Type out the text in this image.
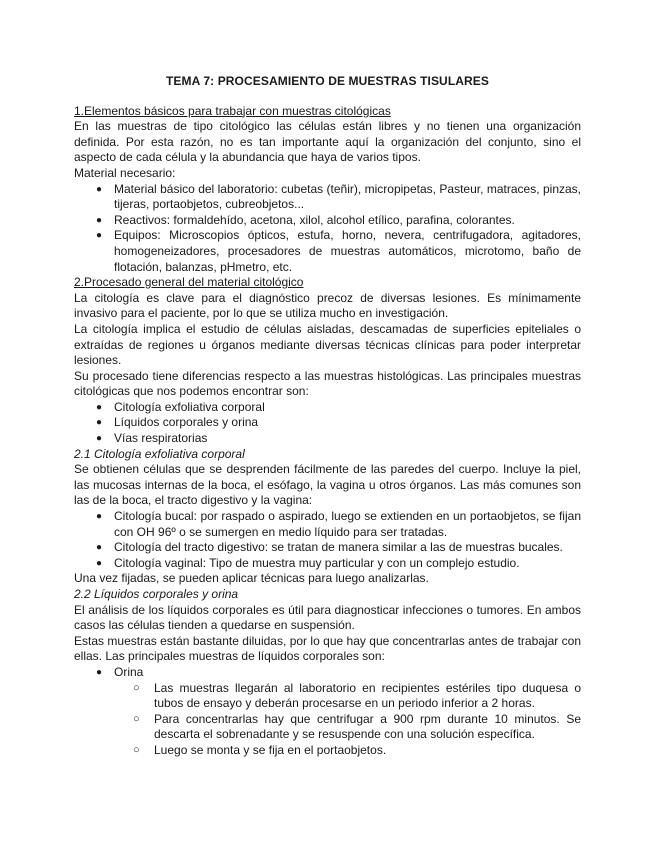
TEMA 7: PROCESAMIENTO DE MUESTRAS TISULARES

1.Elementos básicos para trabajar con muestras citológicas

En las muestras de tipo citológico las células están libres y no tienen una organización definida. Por esta razón, no es tan importante aquí la organización del conjunto, sino el aspecto de cada célula y la abundancia que haya de varios tipos.

Material necesario:

● Material básico del laboratorio: cubetas (teñir), micropipetas, Pasteur, matraces, pinzas, tijeras, portaobjetos, cubreobjetos...
● Reactivos: formaldehído, acetona, xilol, alcohol etílico, parafina, colorantes.
● Equipos: Microscopios ópticos, estufa, horno, nevera, centrifugadora, agitadores, homogeneizadores, procesadores de muestras automáticos, microtomo, baño de flotación, balanzas, pHmetro, etc.

2.Procesado general del material citológico

La citología es clave para el diagnóstico precoz de diversas lesiones. Es mínimamente invasivo para el paciente, por lo que se utiliza mucho en investigación.

La citología implica el estudio de células aisladas, descamadas de superficies epiteliales o extraídas de regiones u órganos mediante diversas técnicas clínicas para poder interpretar lesiones.

Su procesado tiene diferencias respecto a las muestras histológicas. Las principales muestras citológicas que nos podemos encontrar son:

● Citología exfoliativa corporal
● Líquidos corporales y orina
● Vías respiratorias

2.1 Citología exfoliativa corporal

Se obtienen células que se desprenden fácilmente de las paredes del cuerpo. Incluye la piel, las mucosas internas de la boca, el esófago, la vagina u otros órganos. Las más comunes son las de la boca, el tracto digestivo y la vagina:

● Citología bucal: por raspado o aspirado, luego se extienden en un portaobjetos, se fijan con OH 96º o se sumergen en medio líquido para ser tratadas.
● Citología del tracto digestivo: se tratan de manera similar a las de muestras bucales.
● Citología vaginal: Tipo de muestra muy particular y con un complejo estudio.

Una vez fijadas, se pueden aplicar técnicas para luego analizarlas.

2.2 Líquidos corporales y orina

El análisis de los líquidos corporales es útil para diagnosticar infecciones o tumores. En ambos casos las células tienden a quedarse en suspensión.

Estas muestras están bastante diluidas, por lo que hay que concentrarlas antes de trabajar con ellas. Las principales muestras de líquidos corporales son:

● Orina
○ Las muestras llegarán al laboratorio en recipientes estériles tipo duquesa o tubos de ensayo y deberán procesarse en un periodo inferior a 2 horas.
○ Para concentrarlas hay que centrifugar a 900 rpm durante 10 minutos. Se descarta el sobrenadante y se resuspende con una solución específica.
○ Luego se monta y se fija en el portaobjetos.
